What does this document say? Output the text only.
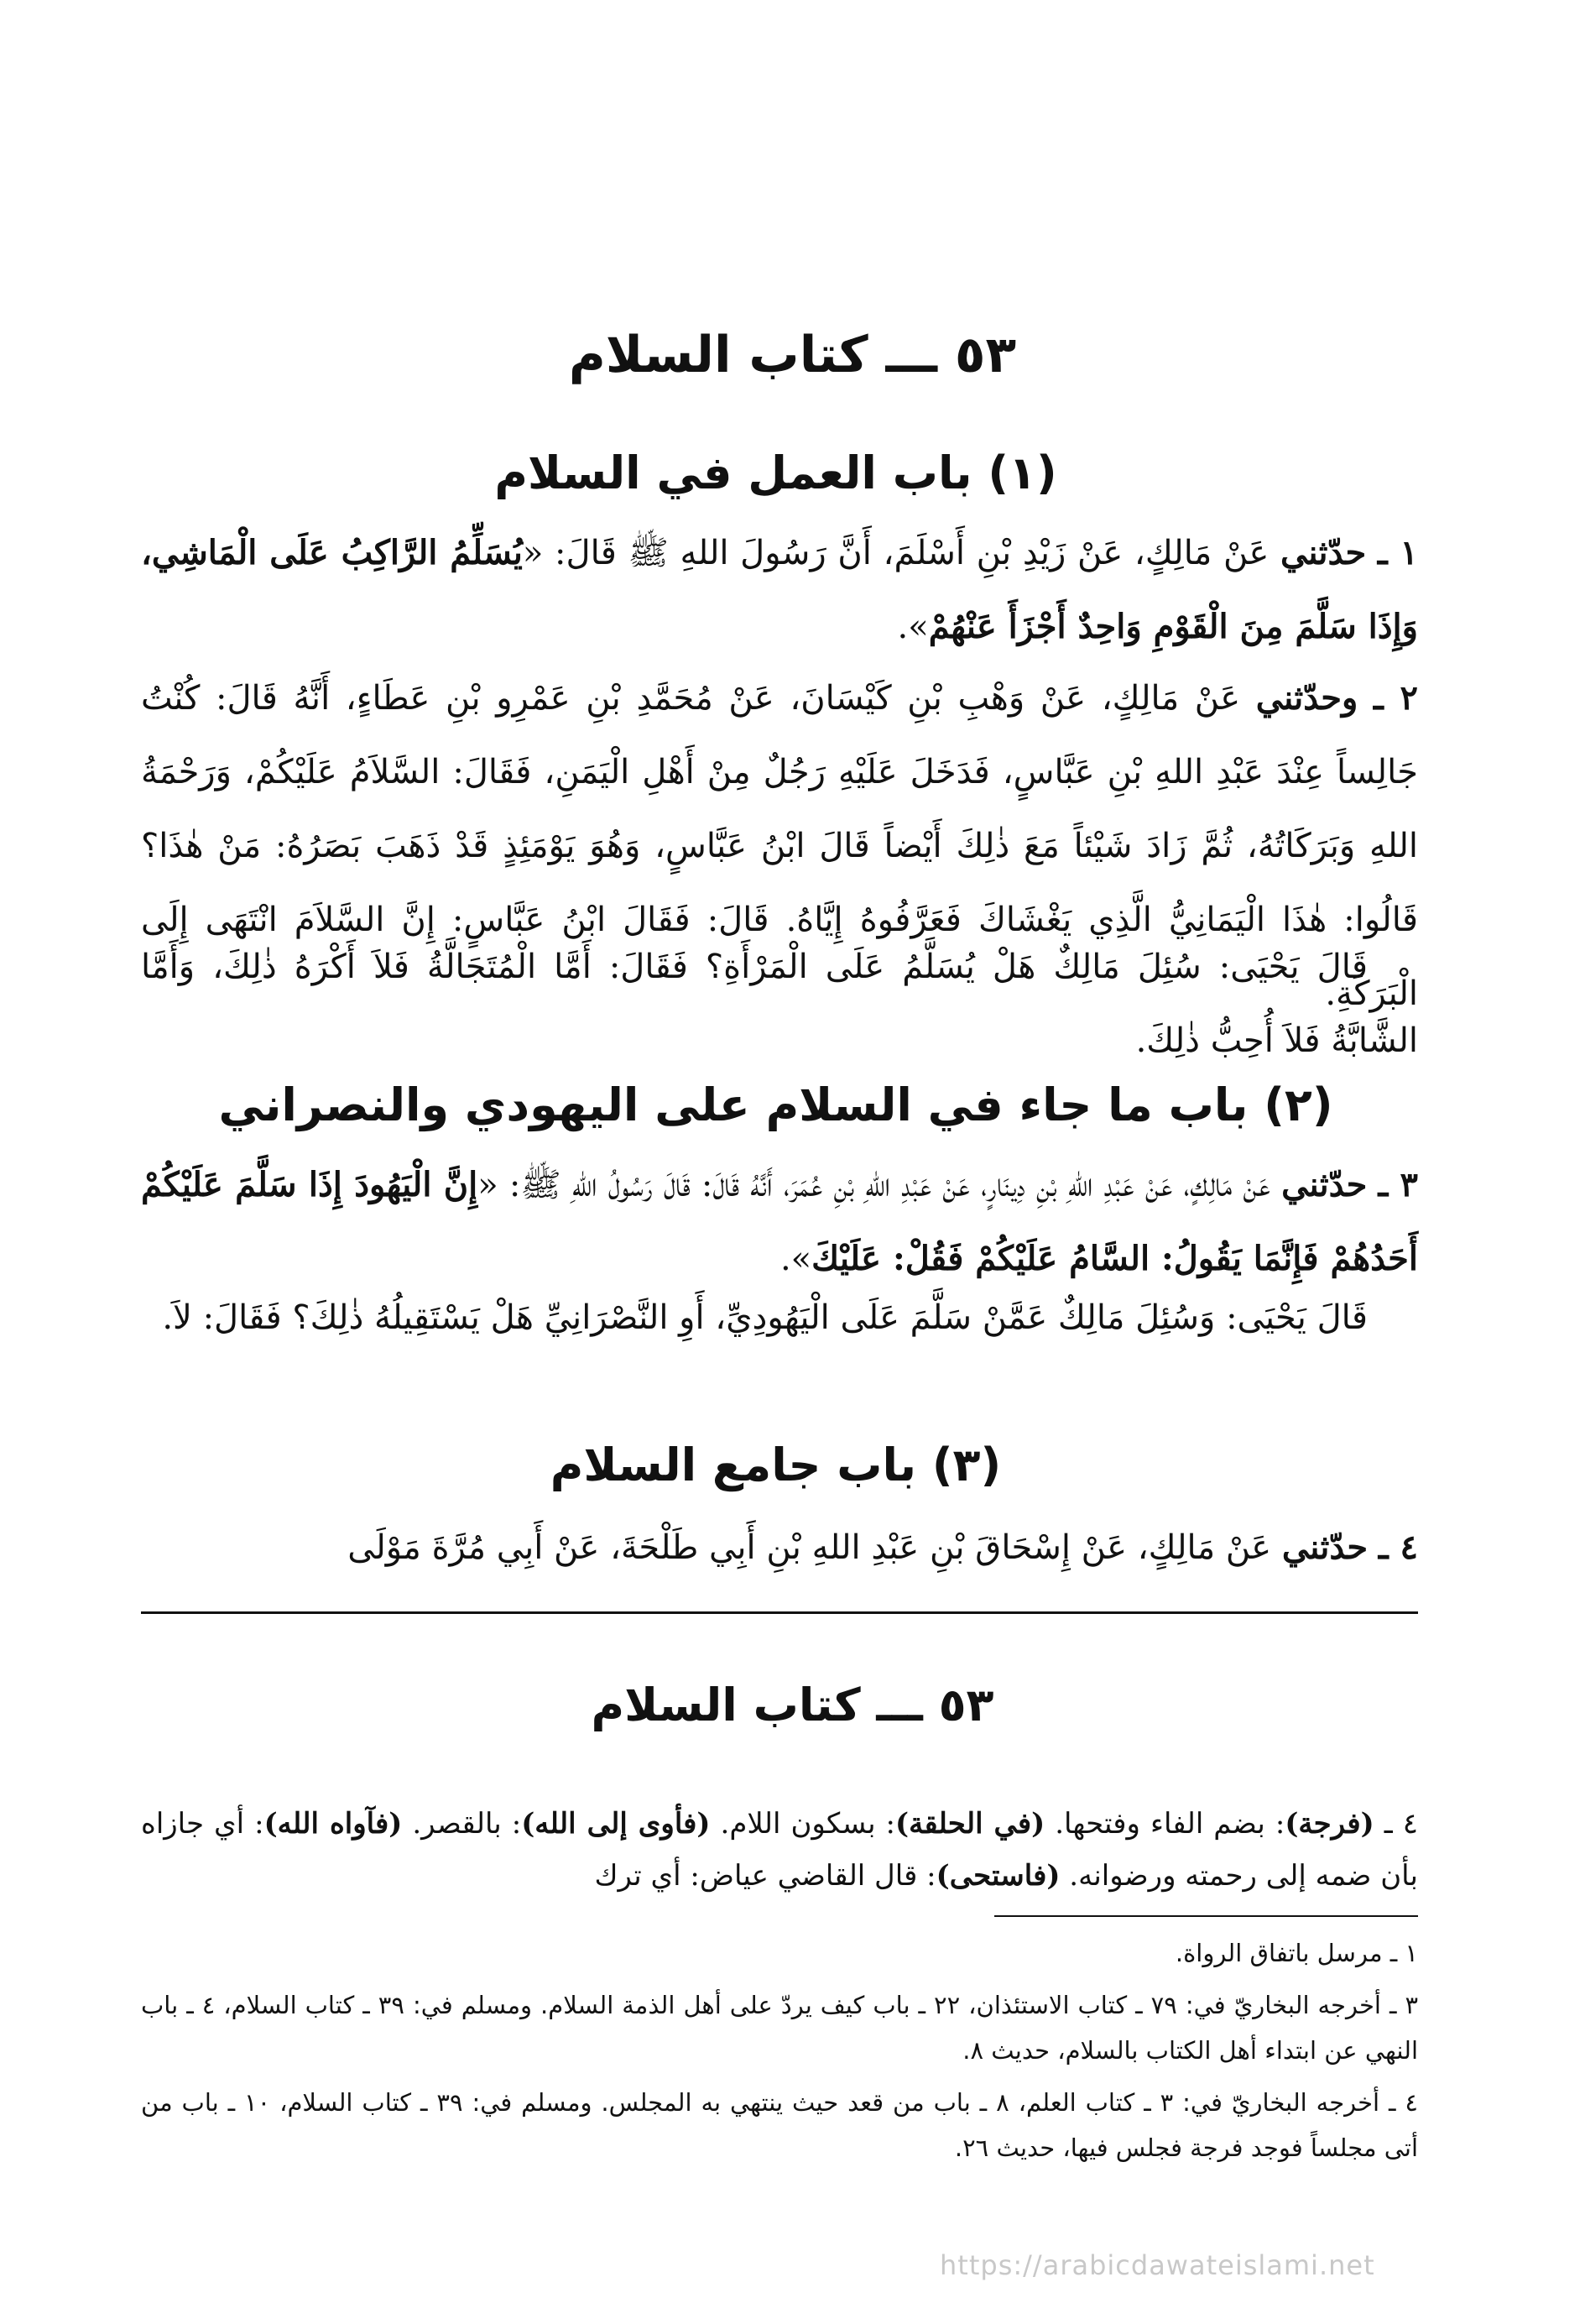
٥٣ ـــ كتاب السلام
(١) باب العمل في السلام

١ ـ حدّثني عَنْ مَالِكٍ، عَنْ زَيْدِ بْنِ أَسْلَمَ، أَنَّ رَسُولَ اللهِ ﷺ قَالَ: «يُسَلِّمُ الرَّاكِبُ عَلَى الْمَاشِي، وَإِذَا سَلَّمَ مِنَ الْقَوْمِ وَاحِدٌ أَجْزَأَ عَنْهُمْ».

٢ ـ وحدّثني عَنْ مَالِكٍ، عَنْ وَهْبِ بْنِ كَيْسَانَ، عَنْ مُحَمَّدِ بْنِ عَمْرِو بْنِ عَطَاءٍ، أَنَّهُ قَالَ: كُنْتُ جَالِساً عِنْدَ عَبْدِ اللهِ بْنِ عَبَّاسٍ، فَدَخَلَ عَلَيْهِ رَجُلٌ مِنْ أَهْلِ الْيَمَنِ، فَقَالَ: السَّلاَمُ عَلَيْكُمْ، وَرَحْمَةُ اللهِ وَبَرَكَاتُهُ، ثُمَّ زَادَ شَيْئاً مَعَ ذٰلِكَ أَيْضاً قَالَ ابْنُ عَبَّاسٍ، وَهُوَ يَوْمَئِذٍ قَدْ ذَهَبَ بَصَرُهُ: مَنْ هٰذَا؟ قَالُوا: هٰذَا الْيَمَانِيُّ الَّذِي يَغْشَاكَ فَعَرَّفُوهُ إِيَّاهُ. قَالَ: فَقَالَ ابْنُ عَبَّاسٍ: إِنَّ السَّلاَمَ انْتَهَى إِلَى الْبَرَكَةِ.

قَالَ يَحْيَى: سُئِلَ مَالِكٌ هَلْ يُسَلَّمُ عَلَى الْمَرْأَةِ؟ فَقَالَ: أَمَّا الْمُتَجَالَّةُ فَلاَ أَكْرَهُ ذٰلِكَ، وَأَمَّا الشَّابَّةُ فَلاَ أُحِبُّ ذٰلِكَ.

(٢) باب ما جاء في السلام على اليهودي والنصراني

٣ ـ حدّثني عَنْ مَالِكٍ، عَنْ عَبْدِ اللهِ بْنِ دِينَارٍ، عَنْ عَبْدِ اللهِ بْنِ عُمَرَ، أَنَّهُ قَالَ: قَالَ رَسُولُ اللهِ ﷺ: «إِنَّ الْيَهُودَ إِذَا سَلَّمَ عَلَيْكُمْ أَحَدُهُمْ فَإِنَّمَا يَقُولُ: السَّامُ عَلَيْكُمْ فَقُلْ: عَلَيْكَ».

قَالَ يَحْيَى: وَسُئِلَ مَالِكٌ عَمَّنْ سَلَّمَ عَلَى الْيَهُودِيِّ، أَوِ النَّصْرَانِيِّ هَلْ يَسْتَقِيلُهُ ذٰلِكَ؟ فَقَالَ: لاَ.

(٣) باب جامع السلام

٤ ـ حدّثني عَنْ مَالِكٍ، عَنْ إِسْحَاقَ بْنِ عَبْدِ اللهِ بْنِ أَبِي طَلْحَةَ، عَنْ أَبِي مُرَّةَ مَوْلَى

٥٣ ـــ كتاب السلام

٤ ـ (فرجة): بضم الفاء وفتحها. (في الحلقة): بسكون اللام. (فأوى إلى الله): بالقصر. (فآواه الله): أي جازاه بأن ضمه إلى رحمته ورضوانه. (فاستحى): قال القاضي عياض: أي ترك

١ ـ مرسل باتفاق الرواة.
٣ ـ أخرجه البخاريّ في: ٧٩ ـ كتاب الاستئذان، ٢٢ ـ باب كيف يردّ على أهل الذمة السلام. ومسلم في: ٣٩ ـ كتاب السلام، ٤ ـ باب النهي عن ابتداء أهل الكتاب بالسلام، حديث ٨.
٤ ـ أخرجه البخاريّ في: ٣ ـ كتاب العلم، ٨ ـ باب من قعد حيث ينتهي به المجلس. ومسلم في: ٣٩ ـ كتاب السلام، ١٠ ـ باب من أتى مجلساً فوجد فرجة فجلس فيها، حديث ٢٦.

https://arabicdawateislami.net
